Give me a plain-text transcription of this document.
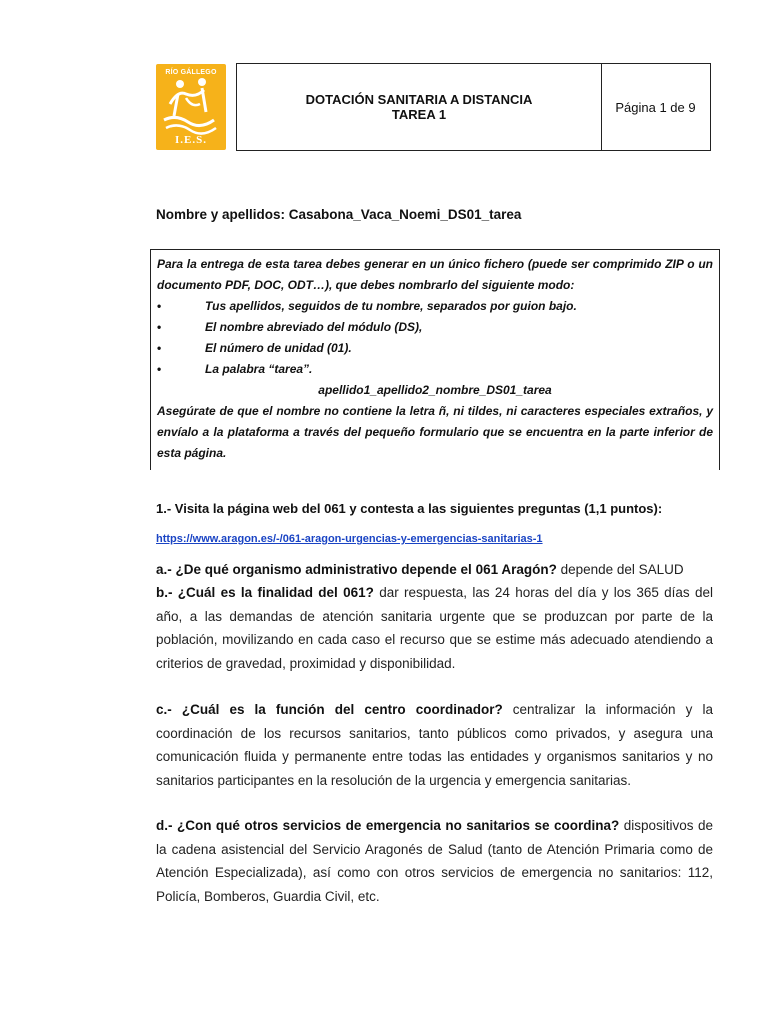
RÍO GÁLLEGO
I.E.S.
DOTACIÓN SANITARIA A DISTANCIA
TAREA 1	Página 1 de 9
Nombre y apellidos: Casabona_Vaca_Noemi_DS01_tarea
Para la entrega de esta tarea debes generar en un único fichero (puede ser comprimido ZIP o un documento PDF, DOC, ODT…), que debes nombrarlo del siguiente modo:
•	Tus apellidos, seguidos de tu nombre, separados por guion bajo.
•	El nombre abreviado del módulo (DS),
•	El número de unidad (01).
•	La palabra “tarea”.
apellido1_apellido2_nombre_DS01_tarea
Asegúrate de que el nombre no contiene la letra ñ, ni tildes, ni caracteres especiales extraños, y envíalo a la plataforma a través del pequeño formulario que se encuentra en la parte inferior de esta página.
1.- Visita la página web del 061 y contesta a las siguientes preguntas (1,1 puntos):
https://www.aragon.es/-/061-aragon-urgencias-y-emergencias-sanitarias-1
a.- ¿De qué organismo administrativo depende el 061 Aragón? depende del SALUD
b.- ¿Cuál es la finalidad del 061? dar respuesta, las 24 horas del día y los 365 días del año, a las demandas de atención sanitaria urgente que se produzcan por parte de la población, movilizando en cada caso el recurso que se estime más adecuado atendiendo a criterios de gravedad, proximidad y disponibilidad.
c.- ¿Cuál es la función del centro coordinador? centralizar la información y la coordinación de los recursos sanitarios, tanto públicos como privados, y asegura una comunicación fluida y permanente entre todas las entidades y organismos sanitarios y no sanitarios participantes en la resolución de la urgencia y emergencia sanitarias.
d.- ¿Con qué otros servicios de emergencia no sanitarios se coordina? dispositivos de la cadena asistencial del Servicio Aragonés de Salud (tanto de Atención Primaria como de Atención Especializada), así como con otros servicios de emergencia no sanitarios: 112, Policía, Bomberos, Guardia Civil, etc.
